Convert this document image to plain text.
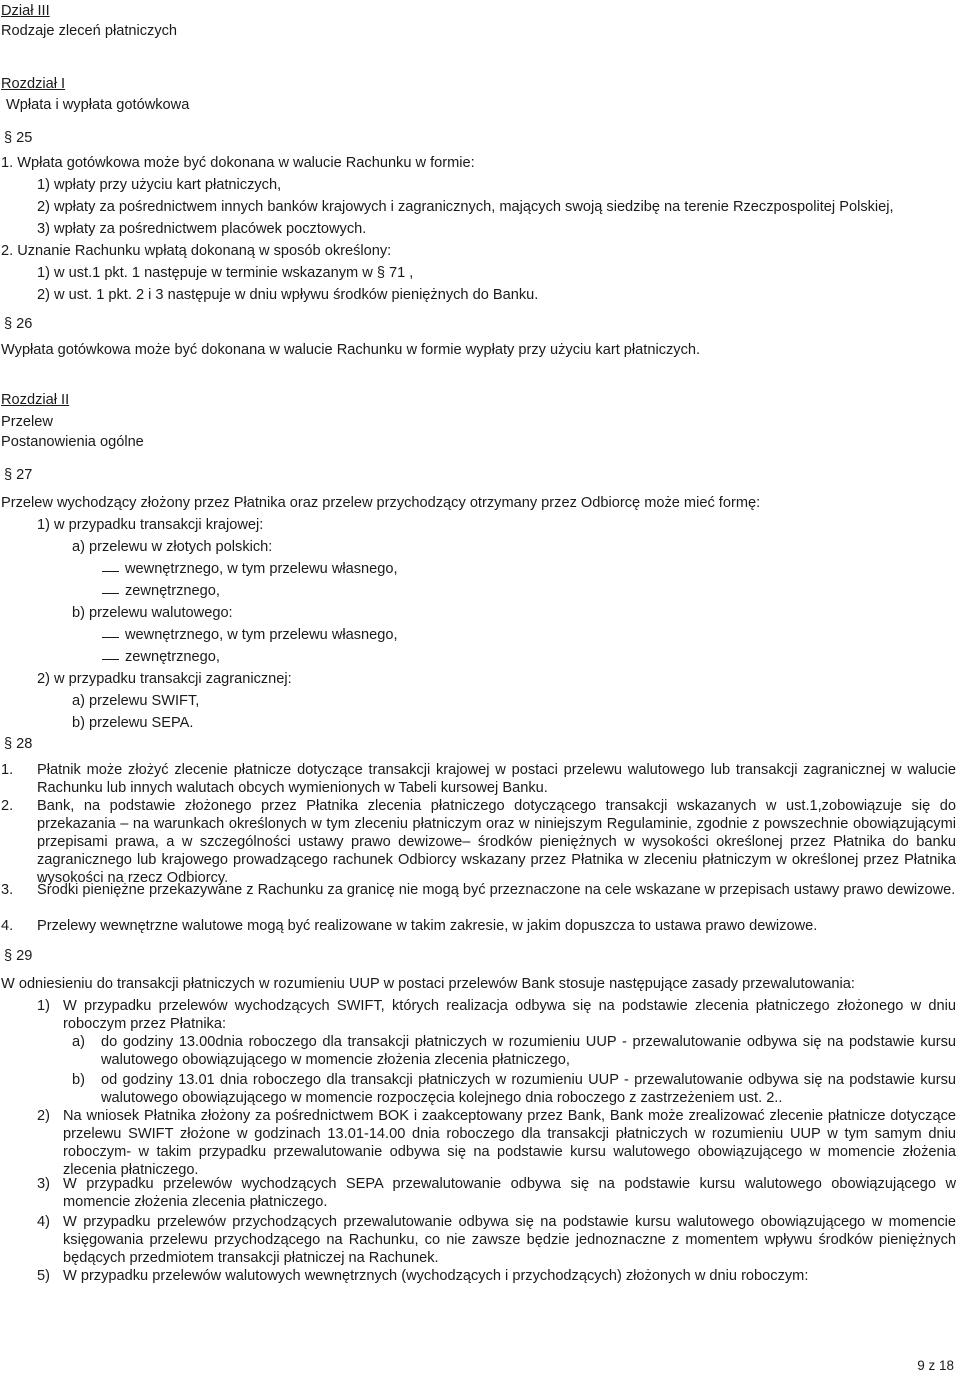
Dział III

Rodzaje zleceń płatniczych

Rozdział I

Wpłata i wypłata gotówkowa

§ 25

1. Wpłata gotówkowa może być dokonana w walucie Rachunku w formie:

1) wpłaty przy użyciu kart płatniczych,

2) wpłaty za pośrednictwem innych banków krajowych i zagranicznych, mających swoją siedzibę na terenie Rzeczpospolitej Polskiej,

3) wpłaty za pośrednictwem placówek pocztowych.

2. Uznanie Rachunku wpłatą dokonaną w sposób określony:

1) w ust.1 pkt. 1 następuje w terminie wskazanym w § 71 ,

2) w ust. 1 pkt. 2 i 3 następuje w dniu wpływu środków pieniężnych do Banku.

§ 26

Wypłata gotówkowa może być dokonana w walucie Rachunku w formie wypłaty przy użyciu kart płatniczych.

Rozdział II

Przelew

Postanowienia ogólne

§ 27

Przelew wychodzący złożony przez Płatnika oraz przelew przychodzący otrzymany przez Odbiorcę może mieć formę:

1) w przypadku transakcji krajowej:

a) przelewu w złotych polskich:

wewnętrznego, w tym przelewu własnego,

zewnętrznego,

b) przelewu walutowego:

wewnętrznego, w tym przelewu własnego,

zewnętrznego,

2) w przypadku transakcji zagranicznej:

a) przelewu SWIFT,

b) przelewu SEPA.

§ 28

1. Płatnik może złożyć zlecenie płatnicze dotyczące transakcji krajowej w postaci przelewu walutowego lub transakcji zagranicznej w walucie Rachunku lub innych walutach obcych wymienionych w Tabeli kursowej Banku.

2. Bank, na podstawie złożonego przez Płatnika zlecenia płatniczego dotyczącego transakcji wskazanych w ust.1,zobowiązuje się do przekazania – na warunkach określonych w tym zleceniu płatniczym oraz w niniejszym Regulaminie, zgodnie z powszechnie obowiązującymi przepisami prawa, a w szczególności ustawy prawo dewizowe– środków pieniężnych w wysokości określonej przez Płatnika do banku zagranicznego lub krajowego prowadzącego rachunek Odbiorcy wskazany przez Płatnika w zleceniu płatniczym w określonej przez Płatnika wysokości na rzecz Odbiorcy.

3. Środki pieniężne przekazywane z Rachunku za granicę nie mogą być przeznaczone na cele wskazane w przepisach ustawy prawo dewizowe.

4. Przelewy wewnętrzne walutowe mogą być realizowane w takim zakresie, w jakim dopuszcza to ustawa prawo dewizowe.

§ 29

W odniesieniu do transakcji płatniczych w rozumieniu UUP w postaci przelewów Bank stosuje następujące zasady przewalutowania:

1) W przypadku przelewów wychodzących SWIFT, których realizacja odbywa się na podstawie zlecenia płatniczego złożonego w dniu roboczym przez Płatnika:

a) do godziny 13.00dnia roboczego dla transakcji płatniczych w rozumieniu UUP - przewalutowanie odbywa się na podstawie kursu walutowego obowiązującego w momencie złożenia zlecenia płatniczego,

b) od godziny 13.01 dnia roboczego dla transakcji płatniczych w rozumieniu UUP - przewalutowanie odbywa się na podstawie kursu walutowego obowiązującego w momencie rozpoczęcia kolejnego dnia roboczego z zastrzeżeniem ust. 2..

2) Na wniosek Płatnika złożony za pośrednictwem BOK i zaakceptowany przez Bank, Bank może zrealizować zlecenie płatnicze dotyczące przelewu SWIFT złożone w godzinach 13.01-14.00 dnia roboczego dla transakcji płatniczych w rozumieniu UUP w tym samym dniu roboczym- w takim przypadku przewalutowanie odbywa się na podstawie kursu walutowego obowiązującego w momencie złożenia zlecenia płatniczego.

3) W przypadku przelewów wychodzących SEPA przewalutowanie odbywa się na podstawie kursu walutowego obowiązującego w momencie złożenia zlecenia płatniczego.

4) W przypadku przelewów przychodzących przewalutowanie odbywa się na podstawie kursu walutowego obowiązującego w momencie księgowania przelewu przychodzącego na Rachunku, co nie zawsze będzie jednoznaczne z momentem wpływu środków pieniężnych będących przedmiotem transakcji płatniczej na Rachunek.

5) W przypadku przelewów walutowych wewnętrznych (wychodzących i przychodzących) złożonych w dniu roboczym:

9 z 18
